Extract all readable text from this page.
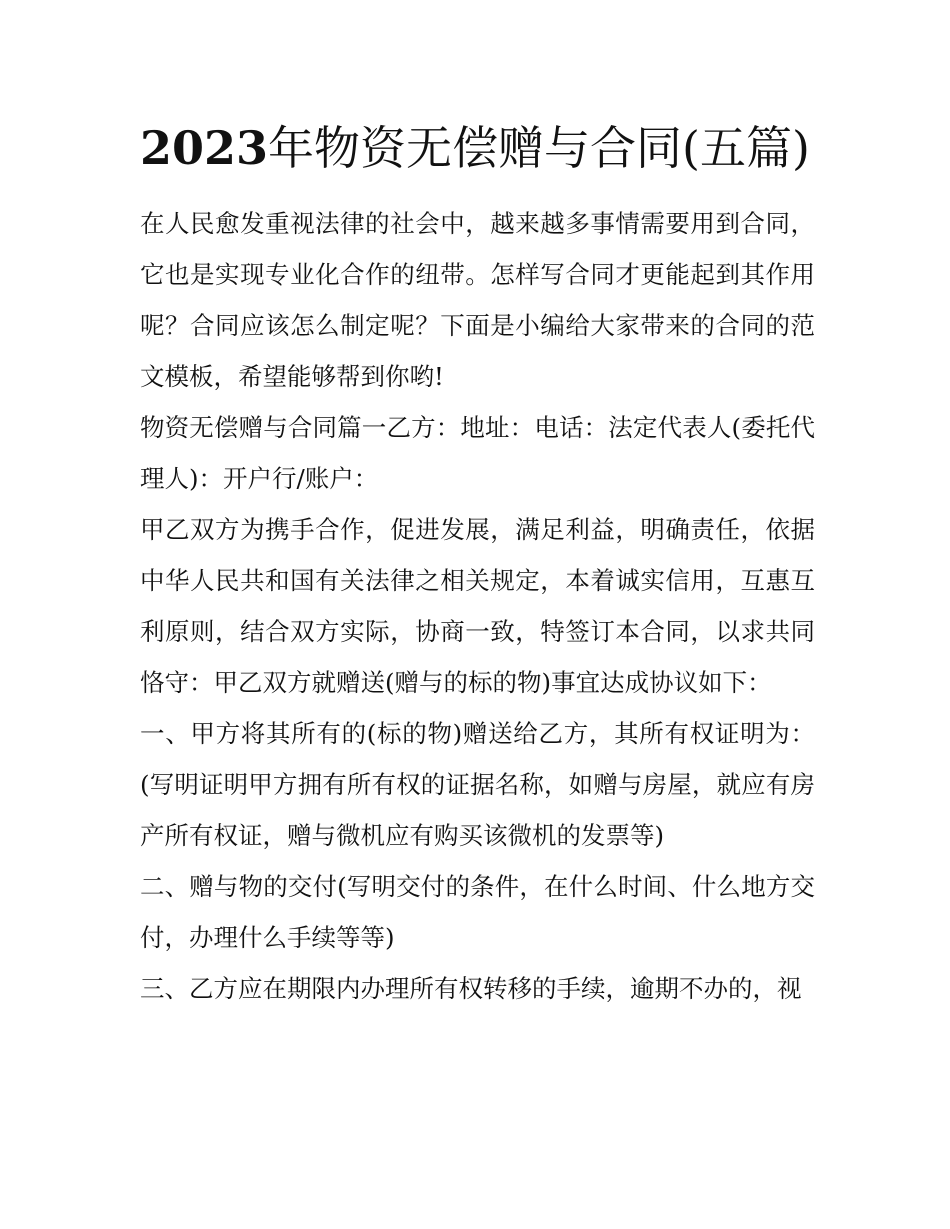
2023年物资无偿赠与合同(五篇)

在人民愈发重视法律的社会中，越来越多事情需要用到合同，它也是实现专业化合作的纽带。怎样写合同才更能起到其作用呢？合同应该怎么制定呢？下面是小编给大家带来的合同的范文模板，希望能够帮到你哟!

物资无偿赠与合同篇一乙方：地址：电话：法定代表人(委托代理人)：开户行/账户：

甲乙双方为携手合作，促进发展，满足利益，明确责任，依据中华人民共和国有关法律之相关规定，本着诚实信用，互惠互利原则，结合双方实际，协商一致，特签订本合同，以求共同恪守：甲乙双方就赠送(赠与的标的物)事宜达成协议如下：

一、甲方将其所有的(标的物)赠送给乙方，其所有权证明为：(写明证明甲方拥有所有权的证据名称，如赠与房屋，就应有房产所有权证，赠与微机应有购买该微机的发票等)

二、赠与物的交付(写明交付的条件，在什么时间、什么地方交付，办理什么手续等等)

三、乙方应在期限内办理所有权转移的手续，逾期不办的，视
